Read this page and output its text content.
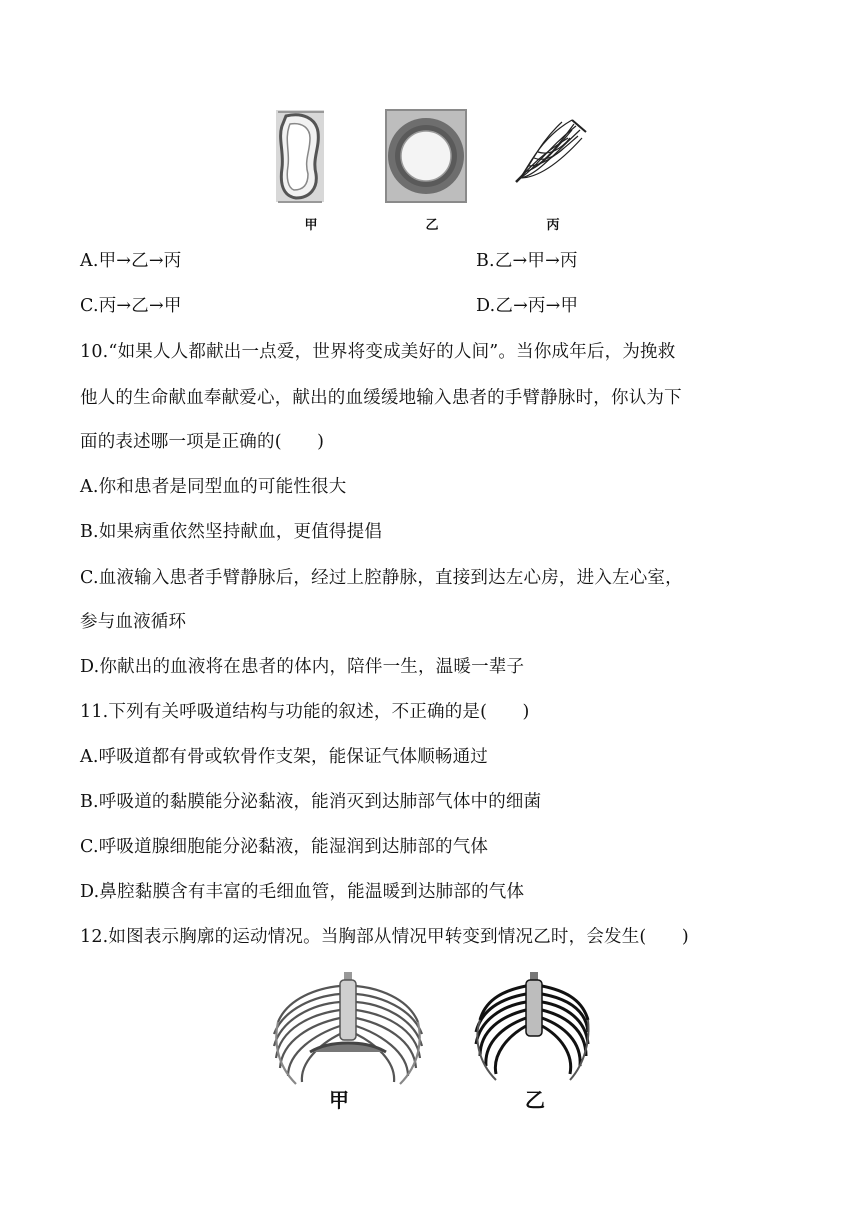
甲	乙	丙
A.甲→乙→丙	B.乙→甲→丙
C.丙→乙→甲	D.乙→丙→甲
10.“如果人人都献出一点爱，世界将变成美好的人间”。当你成年后，为挽救
他人的生命献血奉献爱心，献出的血缓缓地输入患者的手臂静脉时，你认为下
面的表述哪一项是正确的(　　)
A.你和患者是同型血的可能性很大
B.如果病重依然坚持献血，更值得提倡
C.血液输入患者手臂静脉后，经过上腔静脉，直接到达左心房，进入左心室，
参与血液循环
D.你献出的血液将在患者的体内，陪伴一生，温暖一辈子
11.下列有关呼吸道结构与功能的叙述，不正确的是(　　)
A.呼吸道都有骨或软骨作支架，能保证气体顺畅通过
B.呼吸道的黏膜能分泌黏液，能消灭到达肺部气体中的细菌
C.呼吸道腺细胞能分泌黏液，能湿润到达肺部的气体
D.鼻腔黏膜含有丰富的毛细血管，能温暖到达肺部的气体
12.如图表示胸廓的运动情况。当胸部从情况甲转变到情况乙时，会发生(　　)
甲	乙
